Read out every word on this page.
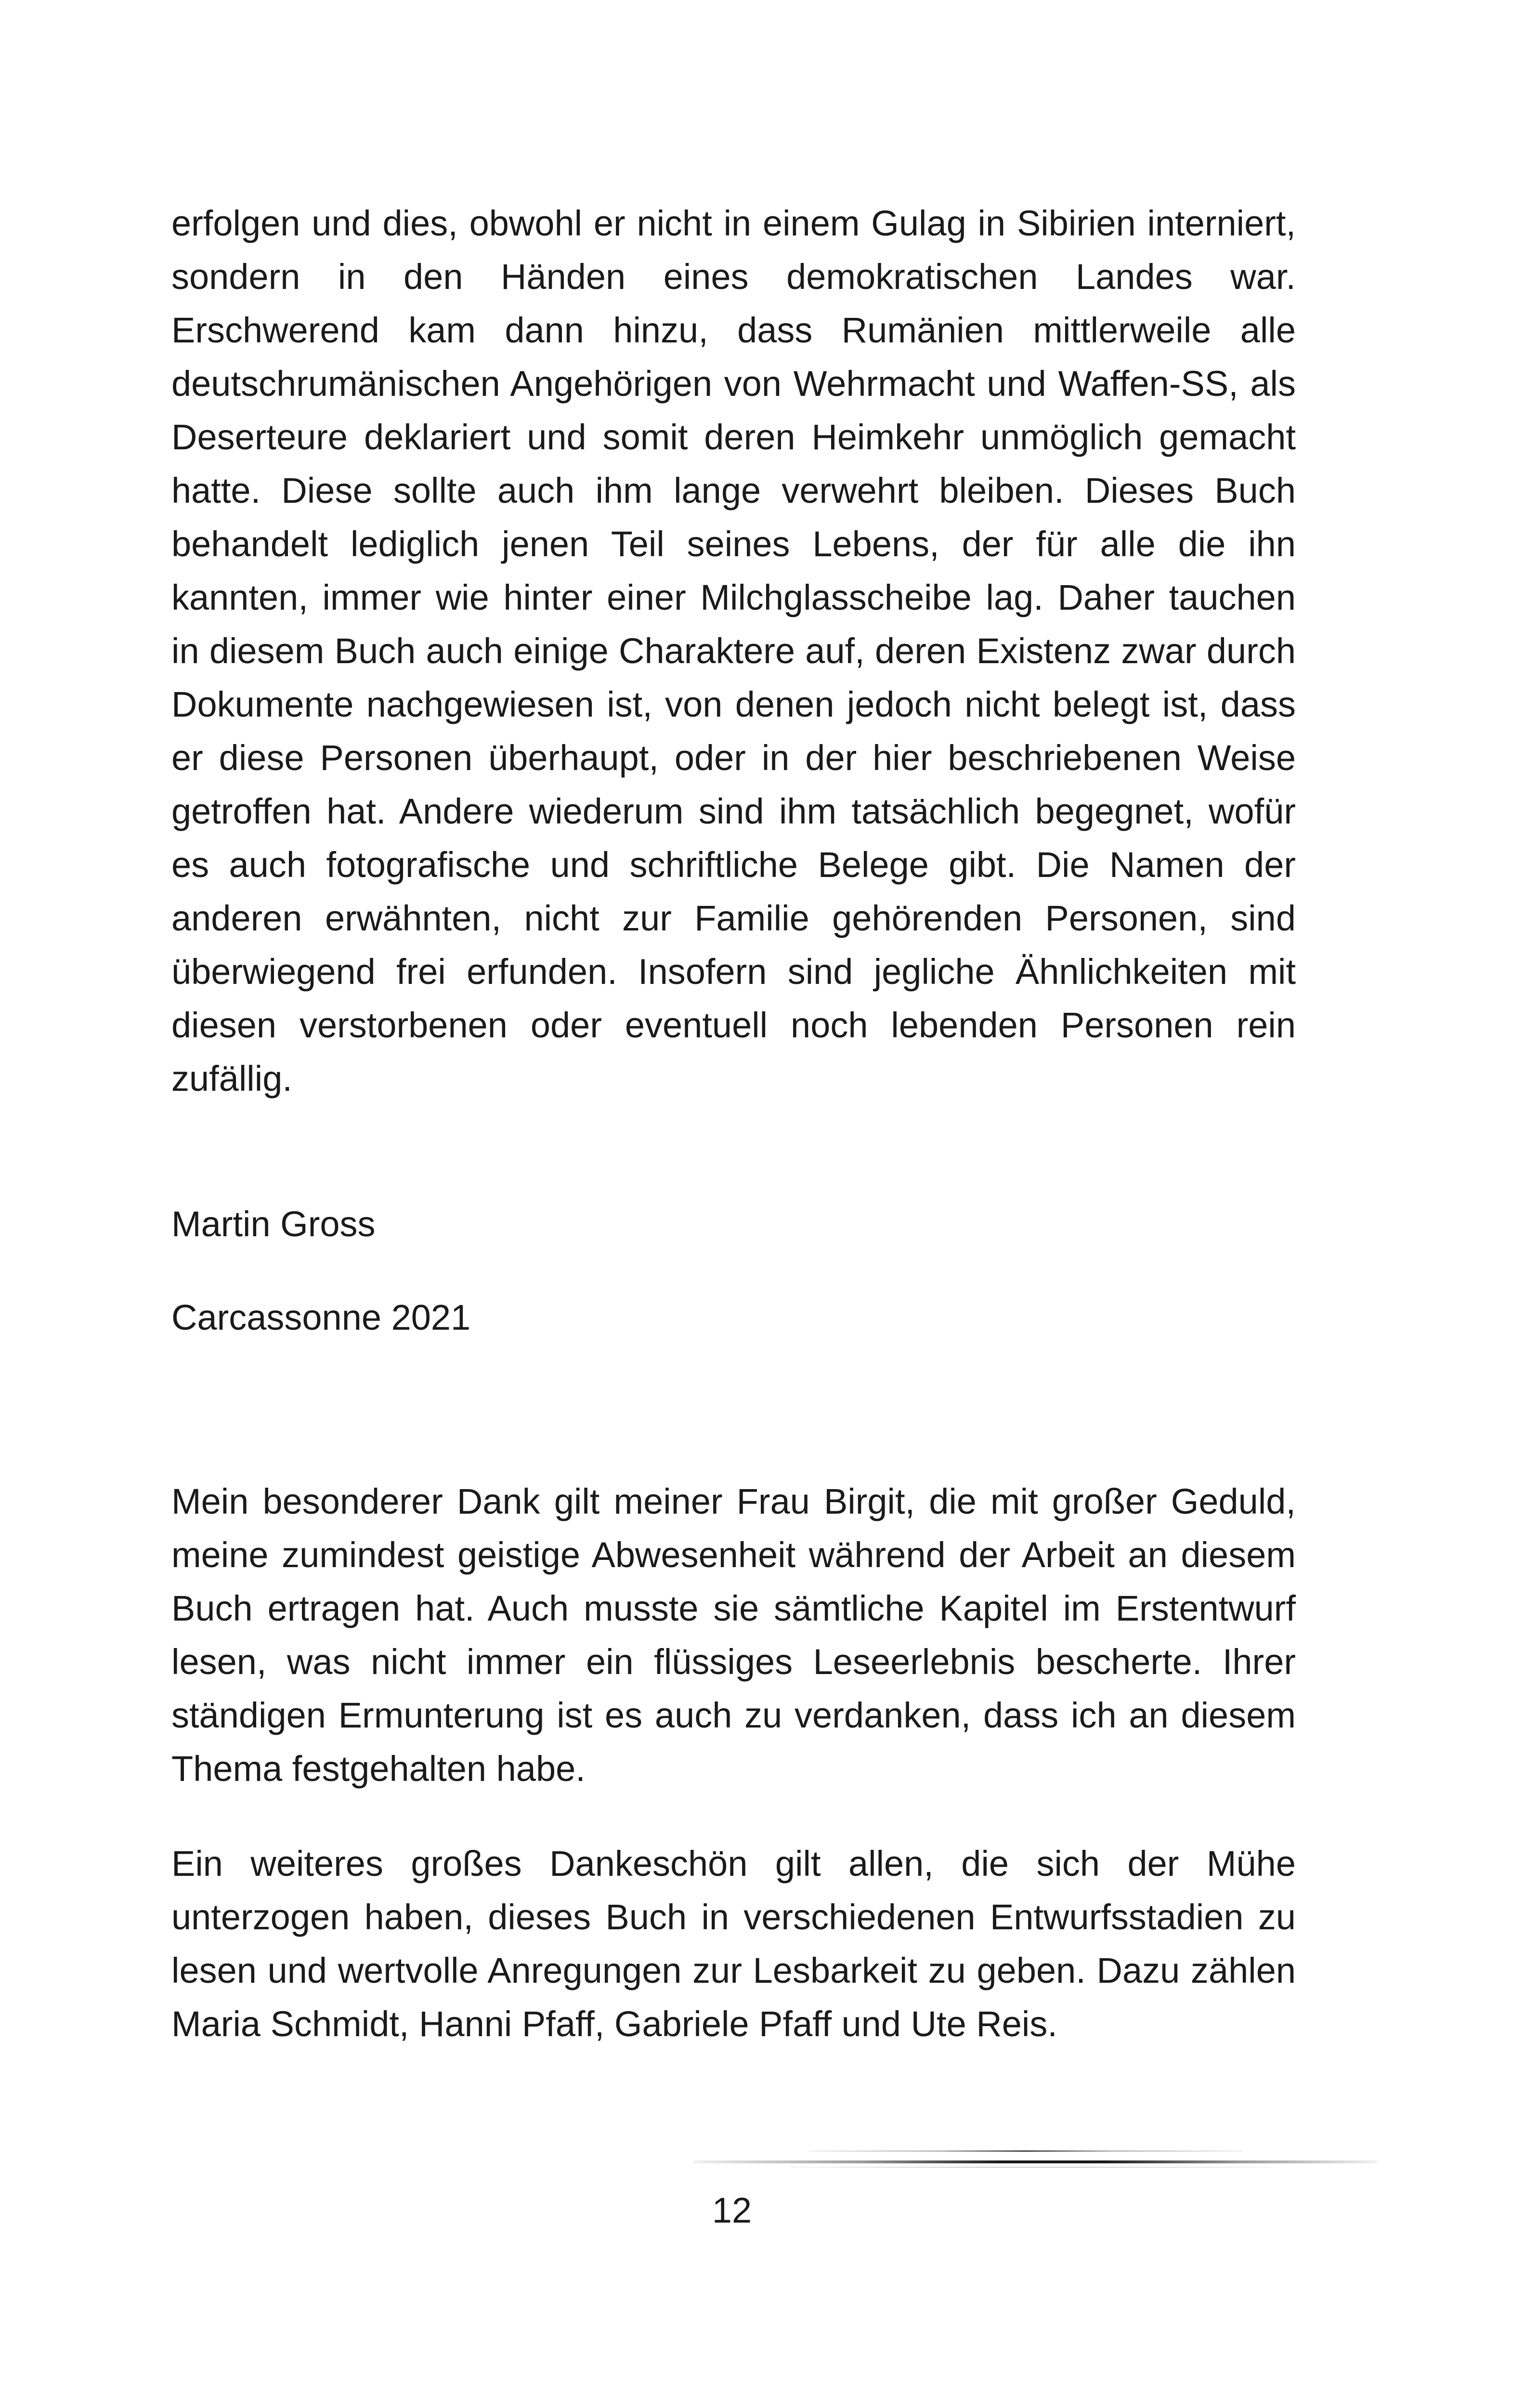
erfolgen und dies, obwohl er nicht in einem Gulag in Sibirien interniert, sondern in den Händen eines demokratischen Landes war. Erschwerend kam dann hinzu, dass Rumänien mittlerweile alle deutschrumänischen Angehörigen von Wehrmacht und Waffen-SS, als Deserteure deklariert und somit deren Heimkehr unmöglich gemacht hatte. Diese sollte auch ihm lange verwehrt bleiben. Dieses Buch behandelt lediglich jenen Teil seines Lebens, der für alle die ihn kannten, immer wie hinter einer Milchglasscheibe lag. Daher tauchen in diesem Buch auch einige Charaktere auf, deren Existenz zwar durch Dokumente nachgewiesen ist, von denen jedoch nicht belegt ist, dass er diese Personen überhaupt, oder in der hier beschriebenen Weise getroffen hat. Andere wiederum sind ihm tatsächlich begegnet, wofür es auch fotografische und schriftliche Belege gibt. Die Namen der anderen erwähnten, nicht zur Familie gehörenden Personen, sind überwiegend frei erfunden. Insofern sind jegliche Ähnlichkeiten mit diesen verstorbenen oder eventuell noch lebenden Personen rein zufällig.

Martin Gross

Carcassonne 2021

Mein besonderer Dank gilt meiner Frau Birgit, die mit großer Geduld, meine zumindest geistige Abwesenheit während der Arbeit an diesem Buch ertragen hat. Auch musste sie sämtliche Kapitel im Erstentwurf lesen, was nicht immer ein flüssiges Leseerlebnis bescherte. Ihrer ständigen Ermunterung ist es auch zu verdanken, dass ich an diesem Thema festgehalten habe.

Ein weiteres großes Dankeschön gilt allen, die sich der Mühe unterzogen haben, dieses Buch in verschiedenen Entwurfsstadien zu lesen und wertvolle Anregungen zur Lesbarkeit zu geben. Dazu zählen Maria Schmidt, Hanni Pfaff, Gabriele Pfaff und Ute Reis.

12
